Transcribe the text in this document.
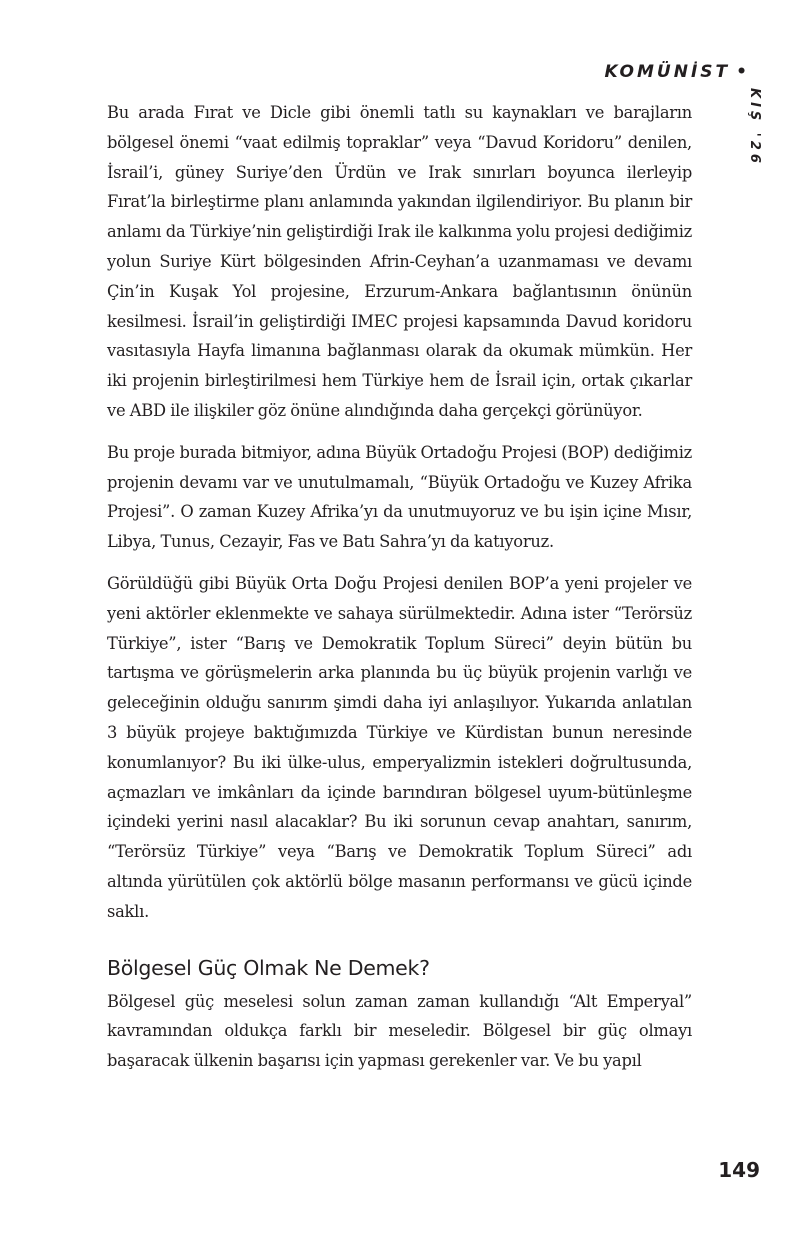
KOMÜNİST •
KIŞ '26

Bu arada Fırat ve Dicle gibi önemli tatlı su kaynakları ve barajların bölgesel önemi “vaat edilmiş topraklar” veya “Davud Koridoru” denilen, İsrail’i, güney Suriye’den Ürdün ve Irak sınırları boyunca ilerleyip Fırat’la birleştirme planı anlamında yakından ilgilendiriyor. Bu planın bir anlamı da Türkiye’nin geliştirdiği Irak ile kalkınma yolu projesi dediğimiz yolun Suriye Kürt bölgesinden Afrin-Ceyhan’a uzanmaması ve devamı Çin’in Kuşak Yol projesine, Erzurum-Ankara bağlantısının önünün kesilmesi. İsrail’in geliştirdiği IMEC projesi kapsamında Davud koridoru vasıtasıyla Hayfa limanına bağlanması olarak da okumak mümkün. Her iki projenin birleştirilmesi hem Türkiye hem de İsrail için, ortak çıkarlar ve ABD ile ilişkiler göz önüne alındığında daha gerçekçi görünüyor.

Bu proje burada bitmiyor, adına Büyük Ortadoğu Projesi (BOP) dediğimiz projenin devamı var ve unutulmamalı, “Büyük Ortadoğu ve Kuzey Afrika Projesi”. O zaman Kuzey Afrika’yı da unutmuyoruz ve bu işin içine Mısır, Libya, Tunus, Cezayir, Fas ve Batı Sahra’yı da katıyoruz.

Görüldüğü gibi Büyük Orta Doğu Projesi denilen BOP’a yeni projeler ve yeni aktörler eklenmekte ve sahaya sürülmektedir. Adına ister “Terörsüz Türkiye”, ister “Barış ve Demokratik Toplum Süreci” deyin bütün bu tartışma ve görüşmelerin arka planında bu üç büyük projenin varlığı ve geleceğinin olduğu sanırım şimdi daha iyi anlaşılıyor. Yukarıda anlatılan 3 büyük projeye baktığımızda Türkiye ve Kürdistan bunun neresinde konumlanıyor? Bu iki ülke-ulus, emperyalizmin istekleri doğrultusunda, açmazları ve imkânları da içinde barındıran bölgesel uyum-bütünleşme içindeki yerini nasıl alacaklar? Bu iki sorunun cevap anahtarı, sanırım, “Terörsüz Türkiye” veya “Barış ve Demokratik Toplum Süreci” adı altında yürütülen çok aktörlü bölge masanın performansı ve gücü içinde saklı.

Bölgesel Güç Olmak Ne Demek?

Bölgesel güç meselesi solun zaman zaman kullandığı “Alt Emperyal” kavramından oldukça farklı bir meseledir. Bölgesel bir güç olmayı başaracak ülkenin başarısı için yapması gerekenler var. Ve bu yapıl

149
